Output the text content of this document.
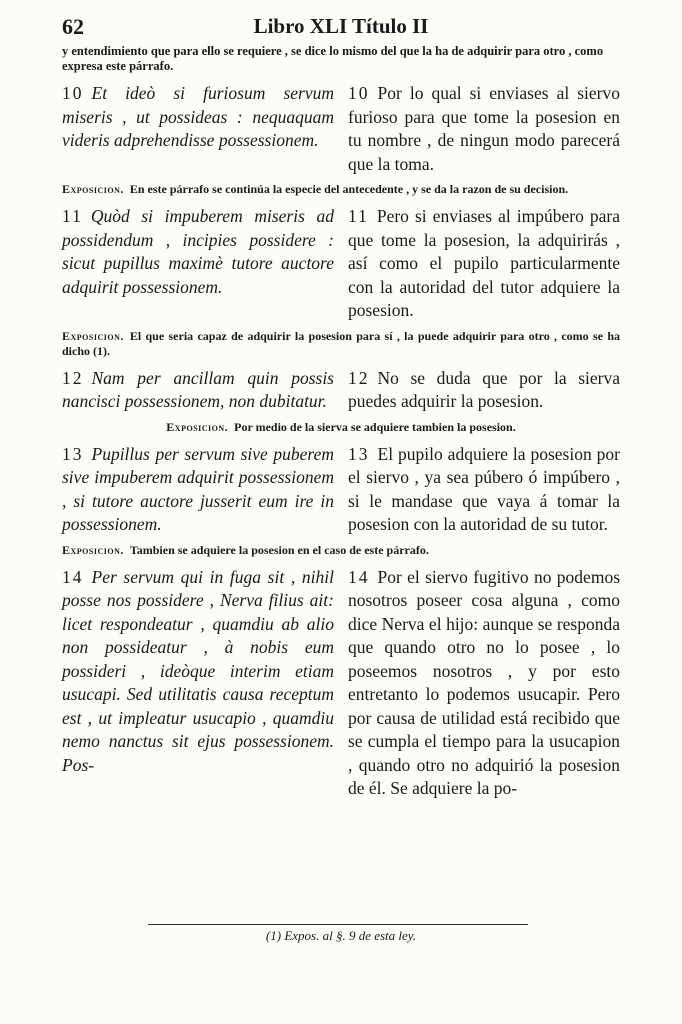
62	Libro XLI Título II

y entendimiento que para ello se requiere , se dice lo mismo del que la ha de adquirir para otro , como expresa este párrafo.

10 Et ideò si furiosum servum miseris , ut possideas : nequaquam videris adprehendisse possessionem.
10 Por lo qual si enviases al siervo furioso para que tome la posesion en tu nombre , de ningun modo parecerá que la toma.

Exposicion. En este párrafo se continúa la especie del antecedente , y se da la razon de su decision.

11 Quòd si impuberem miseris ad possidendum , incipies possidere : sicut pupillus maximè tutore auctore adquirit possessionem.
11 Pero si enviases al impúbero para que tome la posesion, la adquirirás , así como el pupilo particularmente con la autoridad del tutor adquiere la posesion.

Exposicion. El que seria capaz de adquirir la posesion para sí , la puede adquirir para otro , como se ha dicho (1).

12 Nam per ancillam quin possis nancisci possessionem, non dubitatur.
12 No se duda que por la sierva puedes adquirir la posesion.

Exposicion. Por medio de la sierva se adquiere tambien la posesion.

13 Pupillus per servum sive puberem sive impuberem adquirit possessionem , si tutore auctore jusserit eum ire in possessionem.
13 El pupilo adquiere la posesion por el siervo , ya sea púbero ó impúbero , si le mandase que vaya á tomar la posesion con la autoridad de su tutor.

Exposicion. Tambien se adquiere la posesion en el caso de este párrafo.

14 Per servum qui in fuga sit , nihil posse nos possidere , Nerva filius ait: licet respondeatur , quamdiu ab alio non possideatur , à nobis eum possideri , ideòque interim etiam usucapi. Sed utilitatis causa receptum est , ut impleatur usucapio , quamdiu nemo nanctus sit ejus possessionem. Pos-
14 Por el siervo fugitivo no podemos nosotros poseer cosa alguna , como dice Nerva el hijo: aunque se responda que quando otro no lo posee , lo poseemos nosotros , y por esto entretanto lo podemos usucapir. Pero por causa de utilidad está recibido que se cumpla el tiempo para la usucapion , quando otro no adquirió la posesion de él. Se adquiere la po-
(1) Expos. al §. 9 de esta ley.
